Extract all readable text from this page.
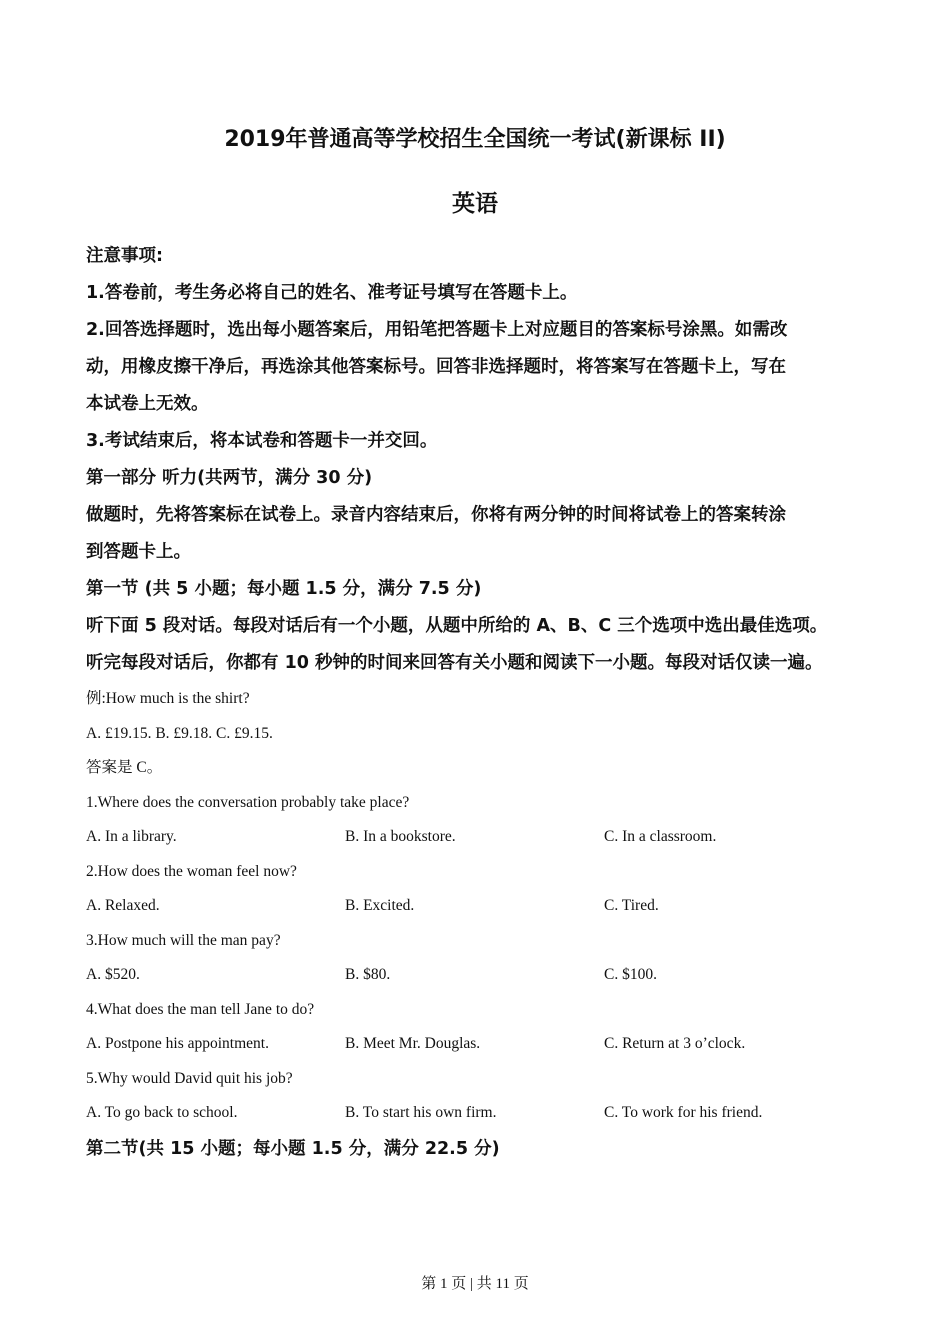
2019年普通高等学校招生全国统一考试(新课标 II)
英语
注意事项:
1.答卷前，考生务必将自己的姓名、准考证号填写在答题卡上。
2.回答选择题时，选出每小题答案后，用铅笔把答题卡上对应题目的答案标号涂黑。如需改
动，用橡皮擦干净后，再选涂其他答案标号。回答非选择题时，将答案写在答题卡上，写在
本试卷上无效。
3.考试结束后，将本试卷和答题卡一并交回。
第一部分 听力(共两节，满分 30 分)
做题时，先将答案标在试卷上。录音内容结束后，你将有两分钟的时间将试卷上的答案转涂
到答题卡上。
第一节 (共 5 小题；每小题 1.5 分，满分 7.5 分)
听下面 5 段对话。每段对话后有一个小题，从题中所给的 A、B、C 三个选项中选出最佳选项。
听完每段对话后，你都有 10 秒钟的时间来回答有关小题和阅读下一小题。每段对话仅读一遍。
例:How much is the shirt?
A. £19.15. B. £9.18. C. £9.15.
答案是 C。
1.Where does the conversation probably take place?
A. In a library.	B. In a bookstore.	C. In a classroom.
2.How does the woman feel now?
A. Relaxed.	B. Excited.	C. Tired.
3.How much will the man pay?
A. $520.	B. $80.	C. $100.
4.What does the man tell Jane to do?
A. Postpone his appointment.	B. Meet Mr. Douglas.	C. Return at 3 o’clock.
5.Why would David quit his job?
A. To go back to school.	B. To start his own firm.	C. To work for his friend.
第二节(共 15 小题；每小题 1.5 分，满分 22.5 分)
第 1 页 | 共 11 页
